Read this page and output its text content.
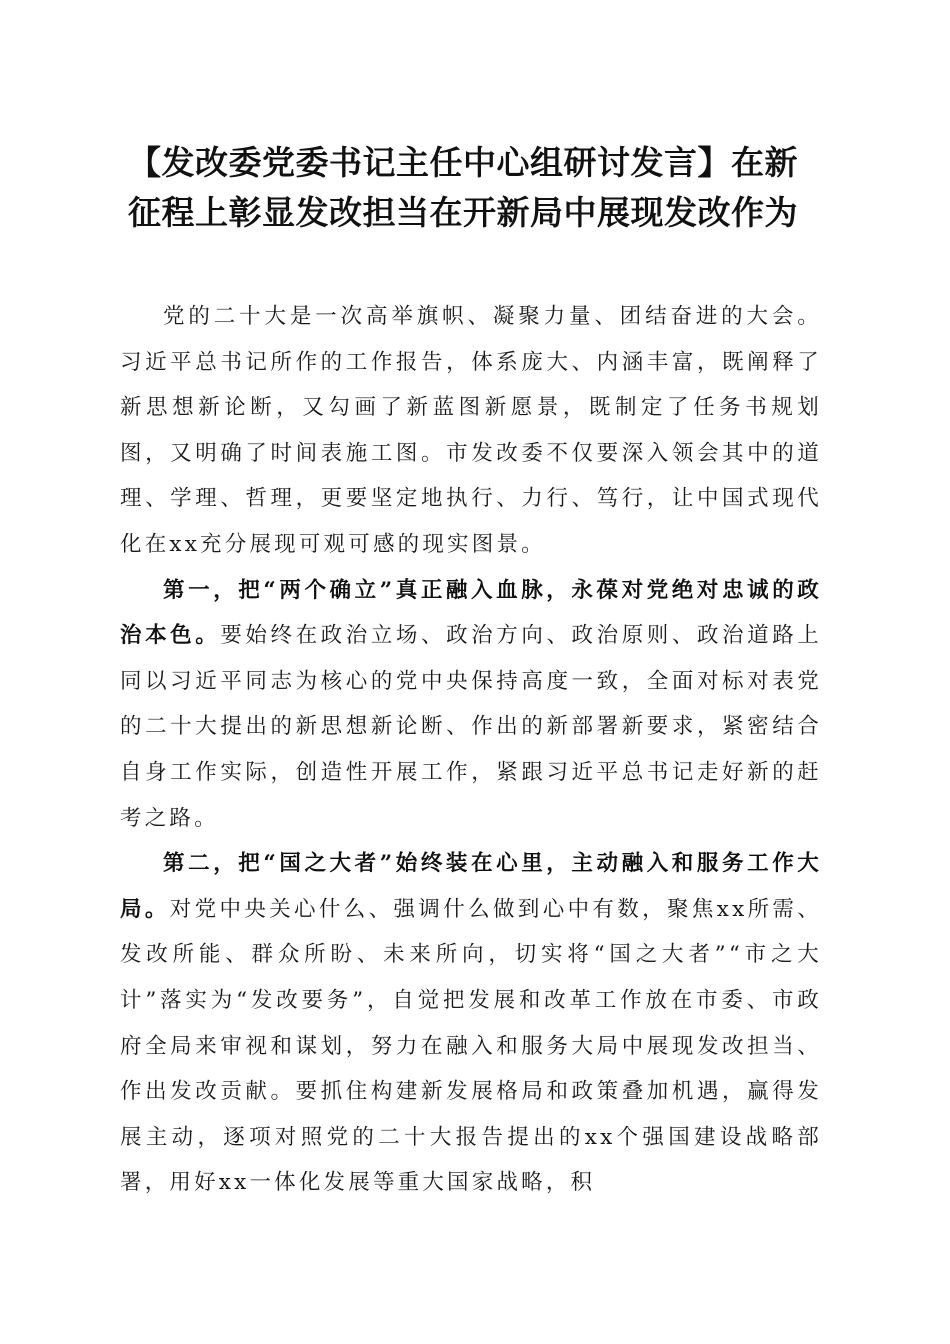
【发改委党委书记主任中心组研讨发言】在新
征程上彰显发改担当在开新局中展现发改作为

党的二十大是一次高举旗帜、凝聚力量、团结奋进的大会。习近平总书记所作的工作报告，体系庞大、内涵丰富，既阐释了新思想新论断，又勾画了新蓝图新愿景，既制定了任务书规划图，又明确了时间表施工图。市发改委不仅要深入领会其中的道理、学理、哲理，更要坚定地执行、力行、笃行，让中国式现代化在xx充分展现可观可感的现实图景。

第一，把“两个确立”真正融入血脉，永葆对党绝对忠诚的政治本色。要始终在政治立场、政治方向、政治原则、政治道路上同以习近平同志为核心的党中央保持高度一致，全面对标对表党的二十大提出的新思想新论断、作出的新部署新要求，紧密结合自身工作实际，创造性开展工作，紧跟习近平总书记走好新的赶考之路。

第二，把“国之大者”始终装在心里，主动融入和服务工作大局。对党中央关心什么、强调什么做到心中有数，聚焦xx所需、发改所能、群众所盼、未来所向，切实将“国之大者”“市之大计”落实为“发改要务”，自觉把发展和改革工作放在市委、市政府全局来审视和谋划，努力在融入和服务大局中展现发改担当、作出发改贡献。要抓住构建新发展格局和政策叠加机遇，赢得发展主动，逐项对照党的二十大报告提出的xx个强国建设战略部署，用好xx一体化发展等重大国家战略，积
